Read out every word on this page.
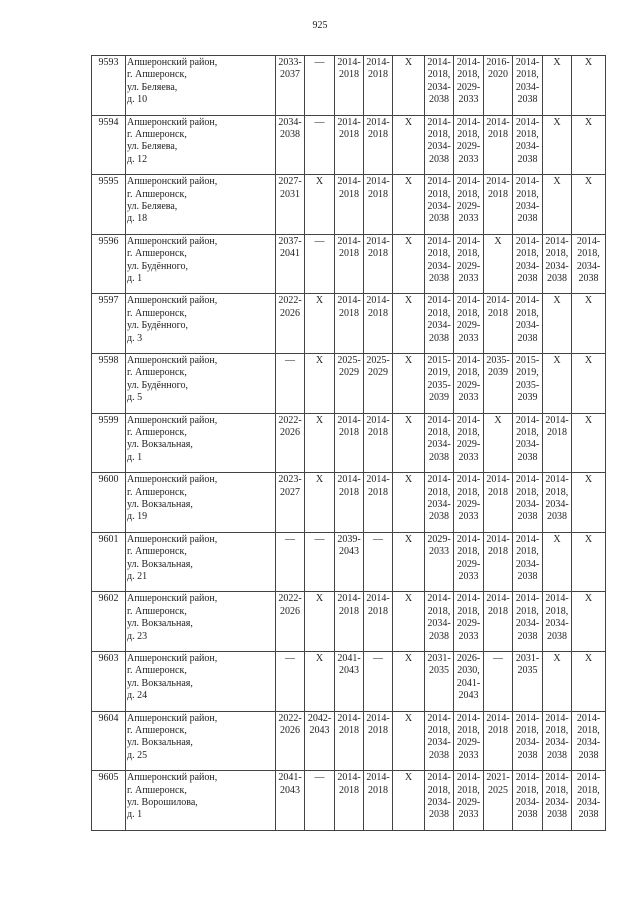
925
9593	Апшеронский район,
г. Апшеронск,
ул. Беляева,
д. 10	2033-
2037	—	2014-
2018	2014-
2018	X	2014-
2018,
2034-
2038	2014-
2018,
2029-
2033	2016-
2020	2014-
2018,
2034-
2038	X	X

9594	Апшеронский район,
г. Апшеронск,
ул. Беляева,
д. 12	2034-
2038	—	2014-
2018	2014-
2018	X	2014-
2018,
2034-
2038	2014-
2018,
2029-
2033	2014-
2018	2014-
2018,
2034-
2038	X	X

9595	Апшеронский район,
г. Апшеронск,
ул. Беляева,
д. 18	2027-
2031	X	2014-
2018	2014-
2018	X	2014-
2018,
2034-
2038	2014-
2018,
2029-
2033	2014-
2018	2014-
2018,
2034-
2038	X	X

9596	Апшеронский район,
г. Апшеронск,
ул. Будённого,
д. 1	2037-
2041	—	2014-
2018	2014-
2018	X	2014-
2018,
2034-
2038	2014-
2018,
2029-
2033	X	2014-
2018,
2034-
2038	2014-
2018,
2034-
2038	2014-
2018,
2034-
2038

9597	Апшеронский район,
г. Апшеронск,
ул. Будённого,
д. 3	2022-
2026	X	2014-
2018	2014-
2018	X	2014-
2018,
2034-
2038	2014-
2018,
2029-
2033	2014-
2018	2014-
2018,
2034-
2038	X	X

9598	Апшеронский район,
г. Апшеронск,
ул. Будённого,
д. 5	—	X	2025-
2029	2025-
2029	X	2015-
2019,
2035-
2039	2014-
2018,
2029-
2033	2035-
2039	2015-
2019,
2035-
2039	X	X

9599	Апшеронский район,
г. Апшеронск,
ул. Вокзальная,
д. 1	2022-
2026	X	2014-
2018	2014-
2018	X	2014-
2018,
2034-
2038	2014-
2018,
2029-
2033	X	2014-
2018,
2034-
2038	2014-
2018	X

9600	Апшеронский район,
г. Апшеронск,
ул. Вокзальная,
д. 19	2023-
2027	X	2014-
2018	2014-
2018	X	2014-
2018,
2034-
2038	2014-
2018,
2029-
2033	2014-
2018	2014-
2018,
2034-
2038	2014-
2018,
2034-
2038	X

9601	Апшеронский район,
г. Апшеронск,
ул. Вокзальная,
д. 21	—	—	2039-
2043	—	X	2029-
2033	2014-
2018,
2029-
2033	2014-
2018	2014-
2018,
2034-
2038	X	X

9602	Апшеронский район,
г. Апшеронск,
ул. Вокзальная,
д. 23	2022-
2026	X	2014-
2018	2014-
2018	X	2014-
2018,
2034-
2038	2014-
2018,
2029-
2033	2014-
2018	2014-
2018,
2034-
2038	2014-
2018,
2034-
2038	X

9603	Апшеронский район,
г. Апшеронск,
ул. Вокзальная,
д. 24	—	X	2041-
2043	—	X	2031-
2035	2026-
2030,
2041-
2043	—	2031-
2035	X	X

9604	Апшеронский район,
г. Апшеронск,
ул. Вокзальная,
д. 25	2022-
2026	2042-
2043	2014-
2018	2014-
2018	X	2014-
2018,
2034-
2038	2014-
2018,
2029-
2033	2014-
2018	2014-
2018,
2034-
2038	2014-
2018,
2034-
2038	2014-
2018,
2034-
2038

9605	Апшеронский район,
г. Апшеронск,
ул. Ворошилова,
д. 1	2041-
2043	—	2014-
2018	2014-
2018	X	2014-
2018,
2034-
2038	2014-
2018,
2029-
2033	2021-
2025	2014-
2018,
2034-
2038	2014-
2018,
2034-
2038	2014-
2018,
2034-
2038
